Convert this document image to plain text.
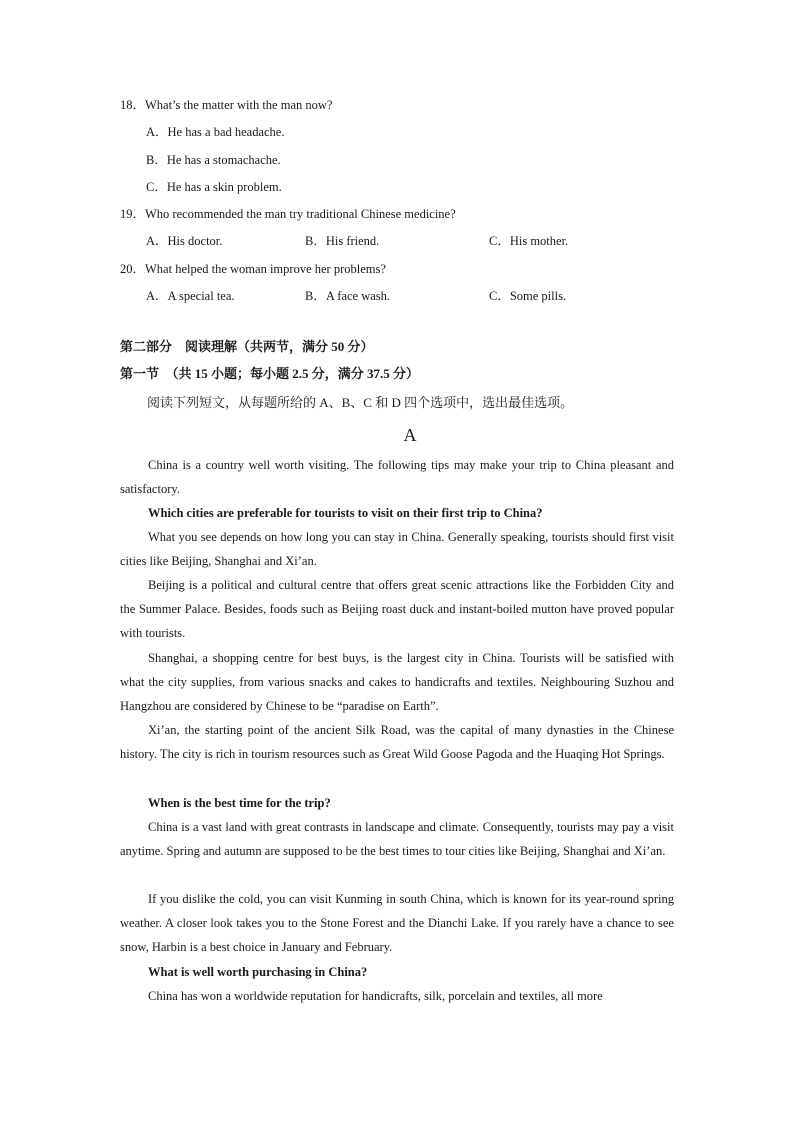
18．What’s the matter with the man now?
A．He has a bad headache.
B．He has a stomachache.
C．He has a skin problem.
19．Who recommended the man try traditional Chinese medicine?
A．His doctor.	B．His friend.	C．His mother.
20．What helped the woman improve her problems?
A．A special tea.	B．A face wash.	C．Some pills.
第二部分　阅读理解（共两节，满分 50 分）
第一节　（共 15 小题；每小题 2.5 分，满分 37.5 分）
阅读下列短文，从每题所给的 A、B、C 和 D 四个选项中，选出最佳选项。
A

China is a country well worth visiting. The following tips may make your trip to China pleasant and satisfactory.

Which cities are preferable for tourists to visit on their first trip to China?

What you see depends on how long you can stay in China. Generally speaking, tourists should first visit cities like Beijing, Shanghai and Xi’an.

Beijing is a political and cultural centre that offers great scenic attractions like the Forbidden City and the Summer Palace. Besides, foods such as Beijing roast duck and instant-boiled mutton have proved popular with tourists.

Shanghai, a shopping centre for best buys, is the largest city in China. Tourists will be satisfied with what the city supplies, from various snacks and cakes to handicrafts and textiles. Neighbouring Suzhou and Hangzhou are considered by Chinese to be “paradise on Earth”.

Xi’an, the starting point of the ancient Silk Road, was the capital of many dynasties in the Chinese history. The city is rich in tourism resources such as Great Wild Goose Pagoda and the Huaqing Hot Springs.

When is the best time for the trip?

China is a vast land with great contrasts in landscape and climate. Consequently, tourists may pay a visit anytime. Spring and autumn are supposed to be the best times to tour cities like Beijing, Shanghai and Xi’an.

If you dislike the cold, you can visit Kunming in south China, which is known for its year-round spring weather. A closer look takes you to the Stone Forest and the Dianchi Lake. If you rarely have a chance to see snow, Harbin is a best choice in January and February.

What is well worth purchasing in China?

China has won a worldwide reputation for handicrafts, silk, porcelain and textiles, all more
